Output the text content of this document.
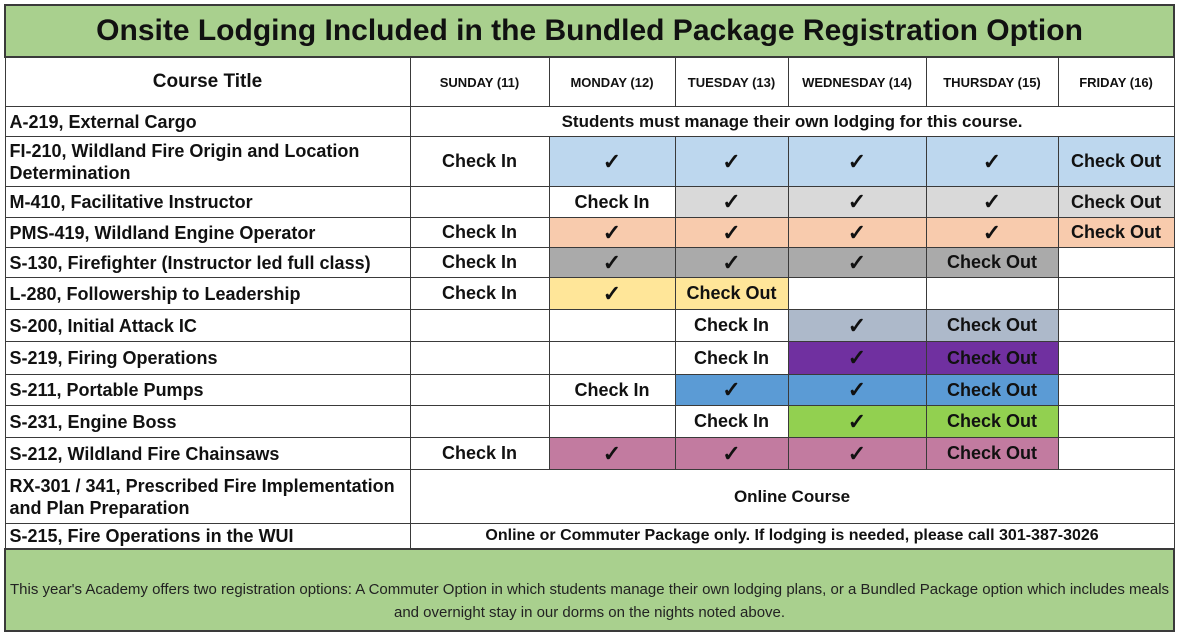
Onsite Lodging Included in the Bundled Package Registration Option						
Course Title	SUNDAY (11)	MONDAY (12)	TUESDAY (13)	WEDNESDAY (14)	THURSDAY (15)	FRIDAY (16)
A-219, External Cargo	Students must manage their own lodging for this course.					
FI-210, Wildland Fire Origin and Location Determination	Check In	✓	✓	✓	✓	Check Out
M-410, Facilitative Instructor		Check In	✓	✓	✓	Check Out
PMS-419, Wildland Engine Operator	Check In	✓	✓	✓	✓	Check Out
S-130, Firefighter (Instructor led full class)	Check In	✓	✓	✓	Check Out	
L-280, Followership to Leadership	Check In	✓	Check Out			
S-200, Initial Attack IC			Check In	✓	Check Out	
S-219, Firing Operations			Check In	✓	Check Out	
S-211, Portable Pumps		Check In	✓	✓	Check Out	
S-231, Engine Boss			Check In	✓	Check Out	
S-212, Wildland Fire Chainsaws	Check In	✓	✓	✓	Check Out	
RX-301 / 341, Prescribed Fire Implementation and Plan Preparation	Online Course					
S-215, Fire Operations in the WUI	Online or Commuter Package only. If lodging is needed, please call 301-387-3026					
This year's Academy offers two registration options: A Commuter Option in which students manage their own lodging plans, or a Bundled Package option which includes meals and overnight stay in our dorms on the nights noted above.						
